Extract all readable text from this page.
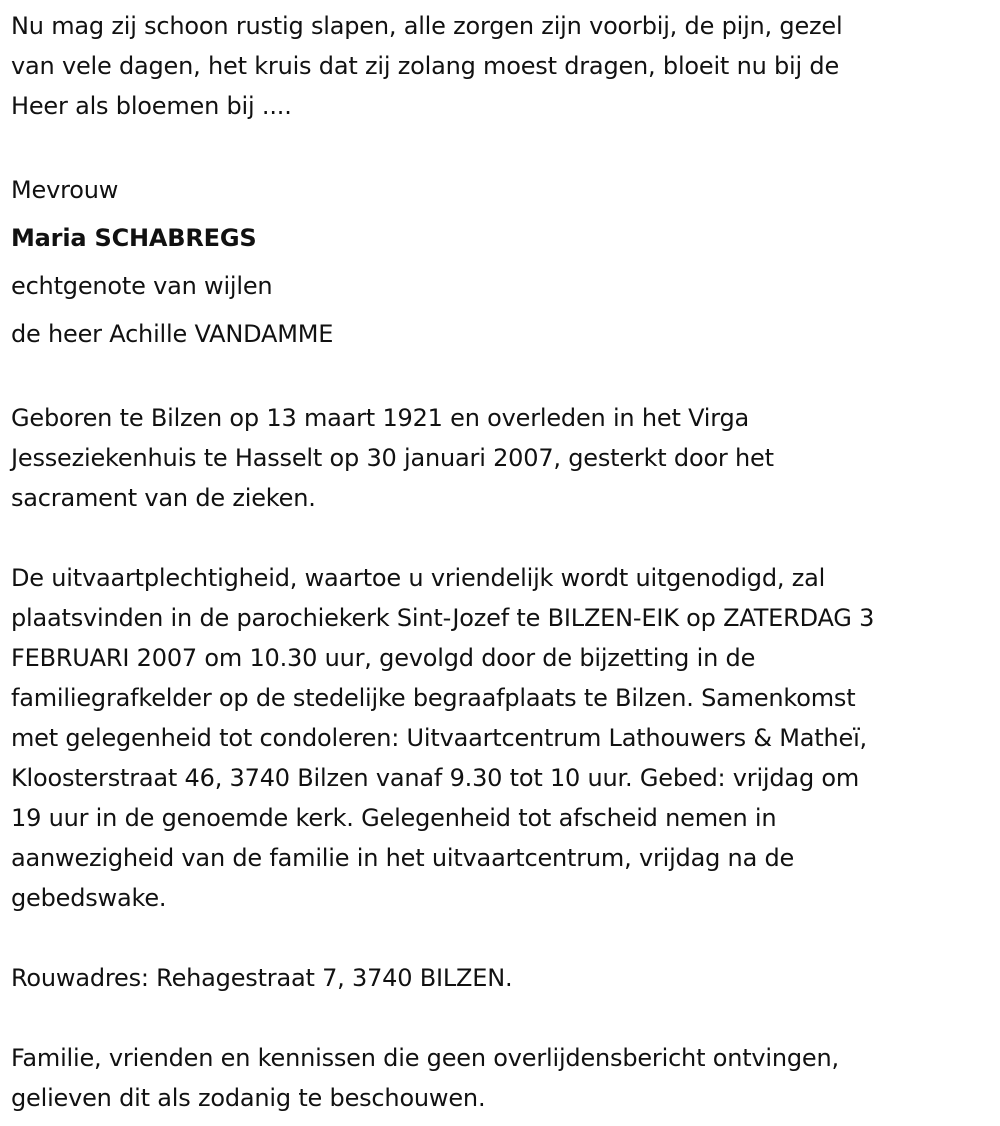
Nu mag zij schoon rustig slapen, alle zorgen zijn voorbij, de pijn, gezel
van vele dagen, het kruis dat zij zolang moest dragen, bloeit nu bij de
Heer als bloemen bij ....

Mevrouw

Maria SCHABREGS

echtgenote van wijlen

de heer Achille VANDAMME

Geboren te Bilzen op 13 maart 1921 en overleden in het Virga
Jesseziekenhuis te Hasselt op 30 januari 2007, gesterkt door het
sacrament van de zieken.

De uitvaartplechtigheid, waartoe u vriendelijk wordt uitgenodigd, zal
plaatsvinden in de parochiekerk Sint-Jozef te BILZEN-EIK op ZATERDAG 3
FEBRUARI 2007 om 10.30 uur, gevolgd door de bijzetting in de
familiegrafkelder op de stedelijke begraafplaats te Bilzen. Samenkomst
met gelegenheid tot condoleren: Uitvaartcentrum Lathouwers & Matheï,
Kloosterstraat 46, 3740 Bilzen vanaf 9.30 tot 10 uur. Gebed: vrijdag om
19 uur in de genoemde kerk. Gelegenheid tot afscheid nemen in
aanwezigheid van de familie in het uitvaartcentrum, vrijdag na de
gebedswake.

Rouwadres: Rehagestraat 7, 3740 BILZEN.

Familie, vrienden en kennissen die geen overlijdensbericht ontvingen,
gelieven dit als zodanig te beschouwen.
